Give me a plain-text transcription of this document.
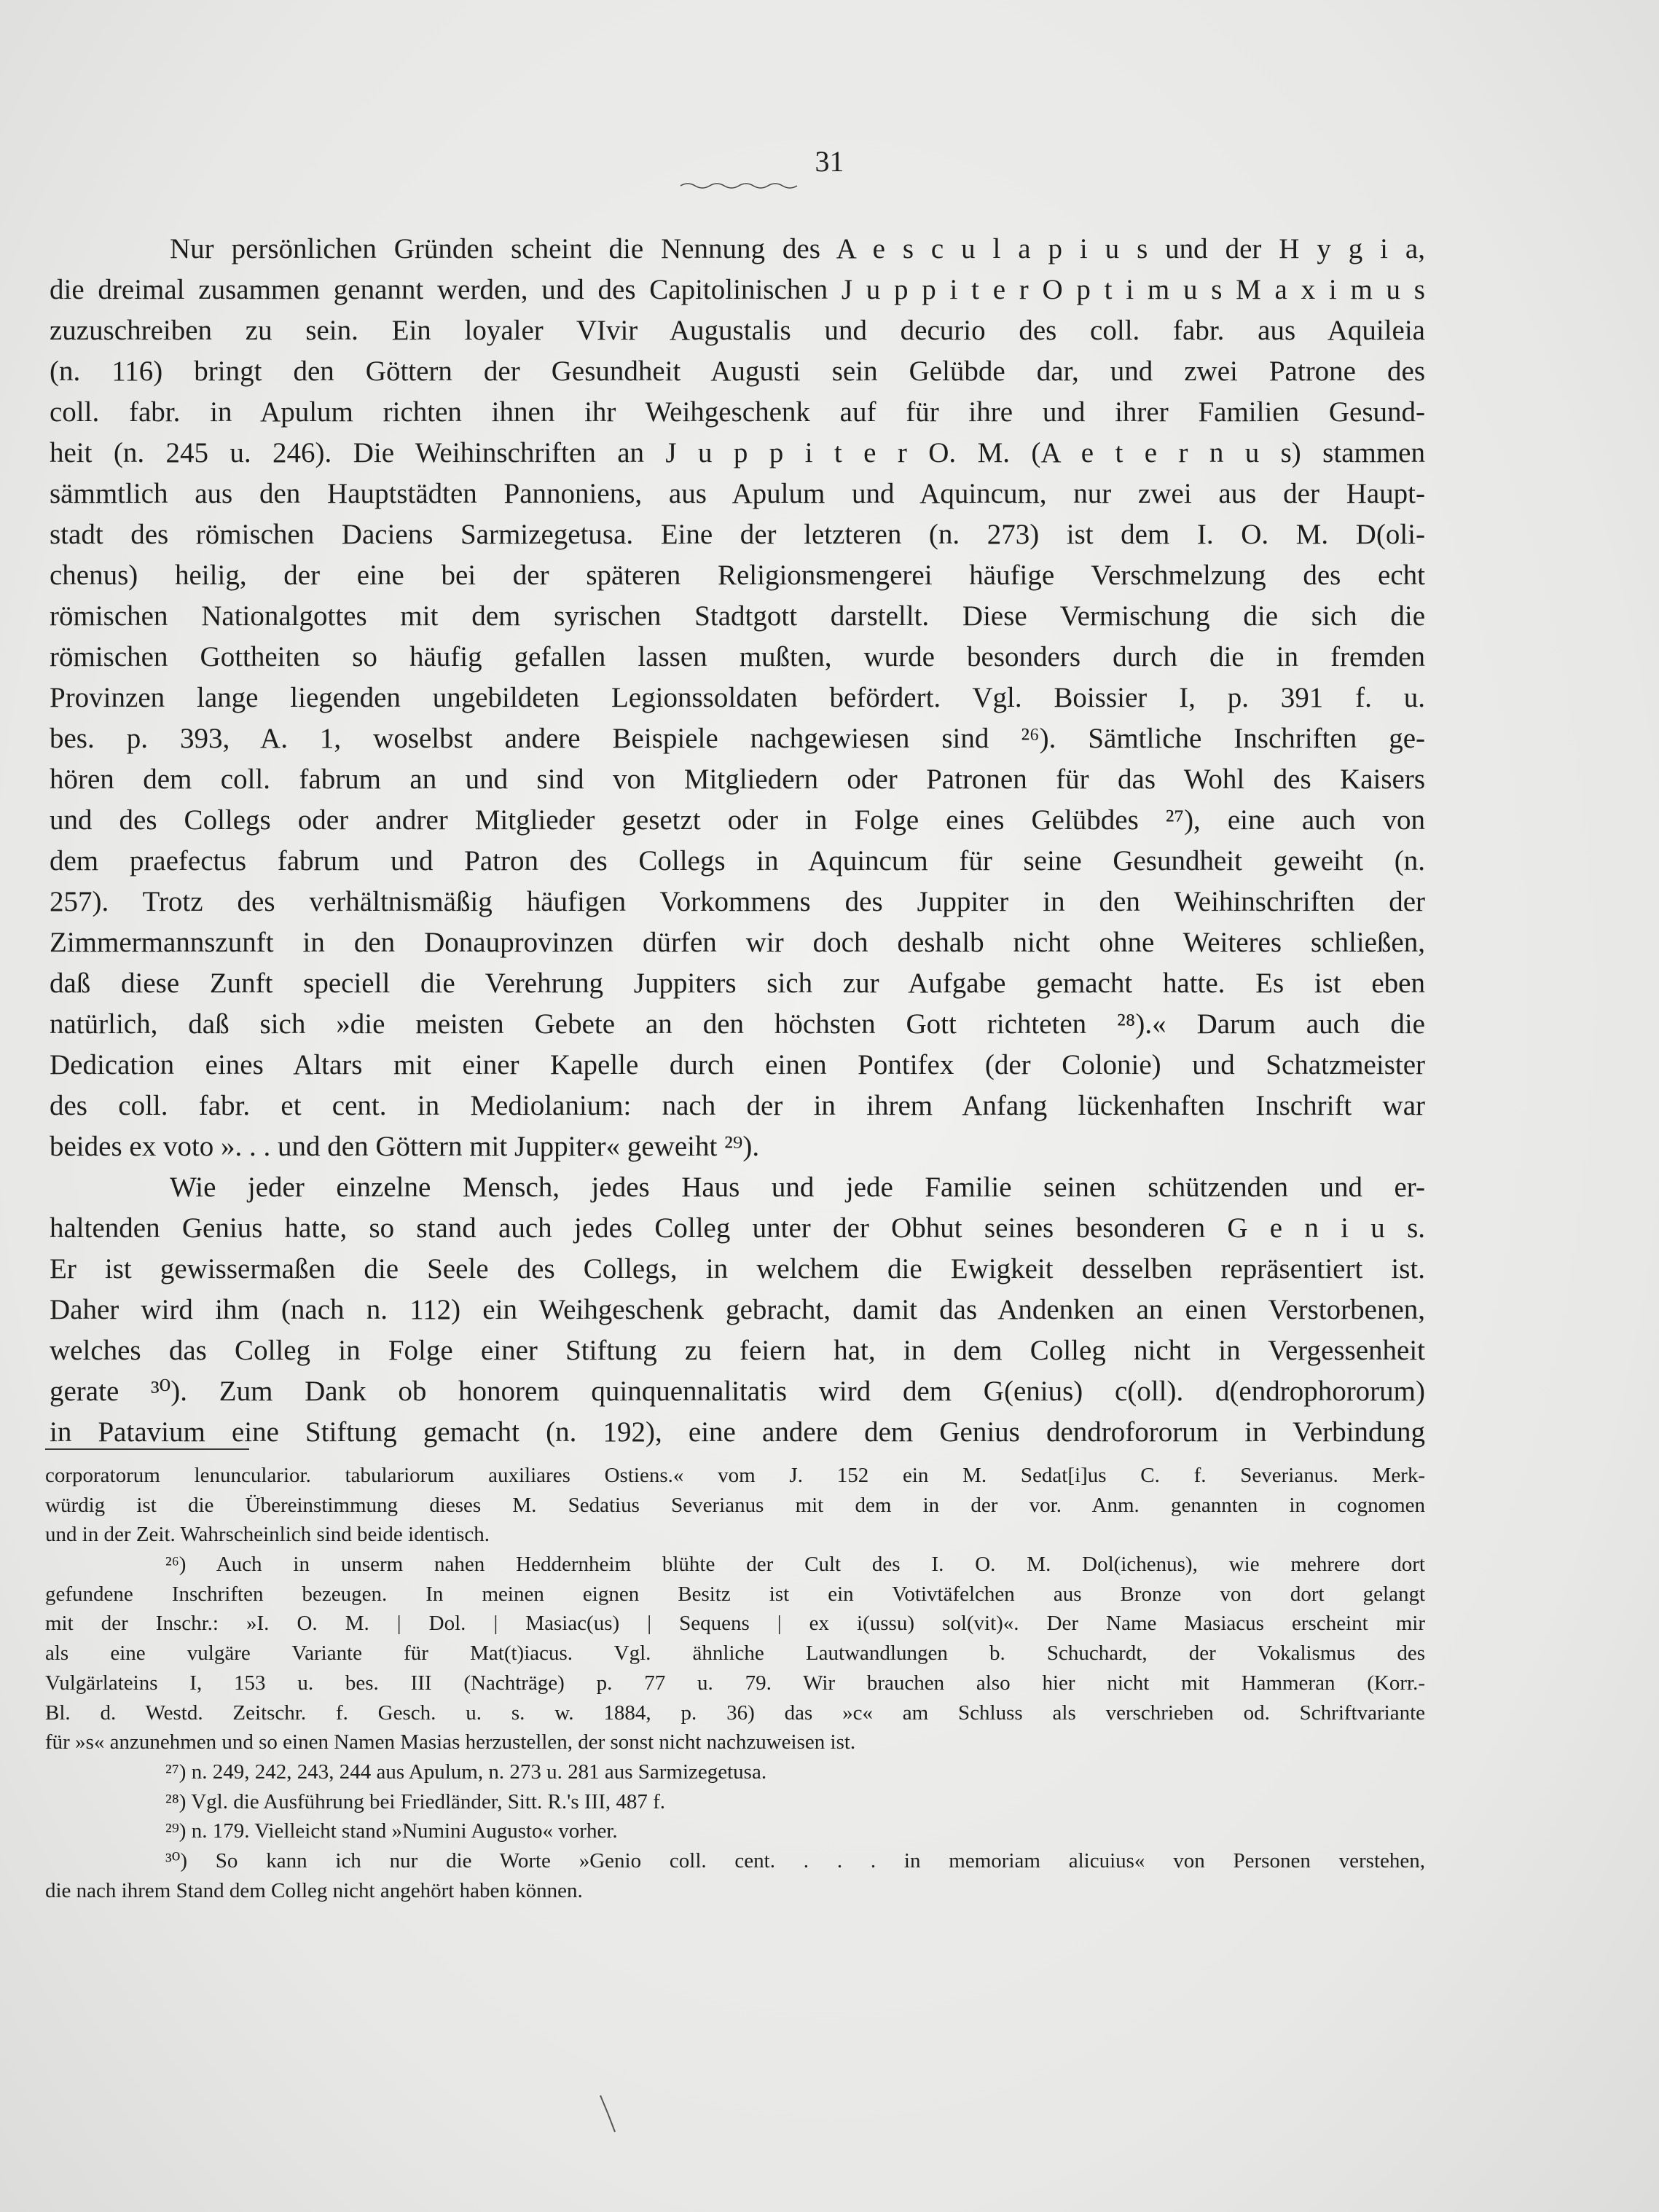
31
Nur persönlichen Gründen scheint die Nennung des A e s c u l a p i u s und der H y g i a,
die dreimal zusammen genannt werden, und des Capitolinischen J u p p i t e r O p t i m u s M a x i m u s
zuzuschreiben zu sein. Ein loyaler VIvir Augustalis und decurio des coll. fabr. aus Aquileia
(n. 116) bringt den Göttern der Gesundheit Augusti sein Gelübde dar, und zwei Patrone des
coll. fabr. in Apulum richten ihnen ihr Weihgeschenk auf für ihre und ihrer Familien Gesund-
heit (n. 245 u. 246). Die Weihinschriften an J u p p i t e r O. M. (A e t e r n u s) stammen
sämmtlich aus den Hauptstädten Pannoniens, aus Apulum und Aquincum, nur zwei aus der Haupt-
stadt des römischen Daciens Sarmizegetusa. Eine der letzteren (n. 273) ist dem I. O. M. D(oli-
chenus) heilig, der eine bei der späteren Religionsmengerei häufige Verschmelzung des echt
römischen Nationalgottes mit dem syrischen Stadtgott darstellt. Diese Vermischung die sich die
römischen Gottheiten so häufig gefallen lassen mußten, wurde besonders durch die in fremden
Provinzen lange liegenden ungebildeten Legionssoldaten befördert. Vgl. Boissier I, p. 391 f. u.
bes. p. 393, A. 1, woselbst andere Beispiele nachgewiesen sind ²⁶). Sämtliche Inschriften ge-
hören dem coll. fabrum an und sind von Mitgliedern oder Patronen für das Wohl des Kaisers
und des Collegs oder andrer Mitglieder gesetzt oder in Folge eines Gelübdes ²⁷), eine auch von
dem praefectus fabrum und Patron des Collegs in Aquincum für seine Gesundheit geweiht (n.
257). Trotz des verhältnismäßig häufigen Vorkommens des Juppiter in den Weihinschriften der
Zimmermannszunft in den Donauprovinzen dürfen wir doch deshalb nicht ohne Weiteres schließen,
daß diese Zunft speciell die Verehrung Juppiters sich zur Aufgabe gemacht hatte. Es ist eben
natürlich, daß sich »die meisten Gebete an den höchsten Gott richteten ²⁸).« Darum auch die
Dedication eines Altars mit einer Kapelle durch einen Pontifex (der Colonie) und Schatzmeister
des coll. fabr. et cent. in Mediolanium: nach der in ihrem Anfang lückenhaften Inschrift war
beides ex voto ». . . und den Göttern mit Juppiter« geweiht ²⁹).
Wie jeder einzelne Mensch, jedes Haus und jede Familie seinen schützenden und er-
haltenden Genius hatte, so stand auch jedes Colleg unter der Obhut seines besonderen G e n i u s.
Er ist gewissermaßen die Seele des Collegs, in welchem die Ewigkeit desselben repräsentiert ist.
Daher wird ihm (nach n. 112) ein Weihgeschenk gebracht, damit das Andenken an einen Verstorbenen,
welches das Colleg in Folge einer Stiftung zu feiern hat, in dem Colleg nicht in Vergessenheit
gerate ³⁰). Zum Dank ob honorem quinquennalitatis wird dem G(enius) c(oll). d(endrophororum)
in Patavium eine Stiftung gemacht (n. 192), eine andere dem Genius dendrofororum in Verbindung
corporatorum lenuncularior. tabulariorum auxiliares Ostiens.« vom J. 152 ein M. Sedat[i]us C. f. Severianus. Merk-
würdig ist die Übereinstimmung dieses M. Sedatius Severianus mit dem in der vor. Anm. genannten in cognomen
und in der Zeit. Wahrscheinlich sind beide identisch.
²⁶) Auch in unserm nahen Heddernheim blühte der Cult des I. O. M. Dol(ichenus), wie mehrere dort
gefundene Inschriften bezeugen. In meinen eignen Besitz ist ein Votivtäfelchen aus Bronze von dort gelangt
mit der Inschr.: »I. O. M. | Dol. | Masiac(us) | Sequens | ex i(ussu) sol(vit)«. Der Name Masiacus erscheint mir
als eine vulgäre Variante für Mat(t)iacus. Vgl. ähnliche Lautwandlungen b. Schuchardt, der Vokalismus des
Vulgärlateins I, 153 u. bes. III (Nachträge) p. 77 u. 79. Wir brauchen also hier nicht mit Hammeran (Korr.-
Bl. d. Westd. Zeitschr. f. Gesch. u. s. w. 1884, p. 36) das »c« am Schluss als verschrieben od. Schriftvariante
für »s« anzunehmen und so einen Namen Masias herzustellen, der sonst nicht nachzuweisen ist.
²⁷) n. 249, 242, 243, 244 aus Apulum, n. 273 u. 281 aus Sarmizegetusa.
²⁸) Vgl. die Ausführung bei Friedländer, Sitt. R.'s III, 487 f.
²⁹) n. 179. Vielleicht stand »Numini Augusto« vorher.
³⁰) So kann ich nur die Worte »Genio coll. cent. . . . in memoriam alicuius« von Personen verstehen,
die nach ihrem Stand dem Colleg nicht angehört haben können.
